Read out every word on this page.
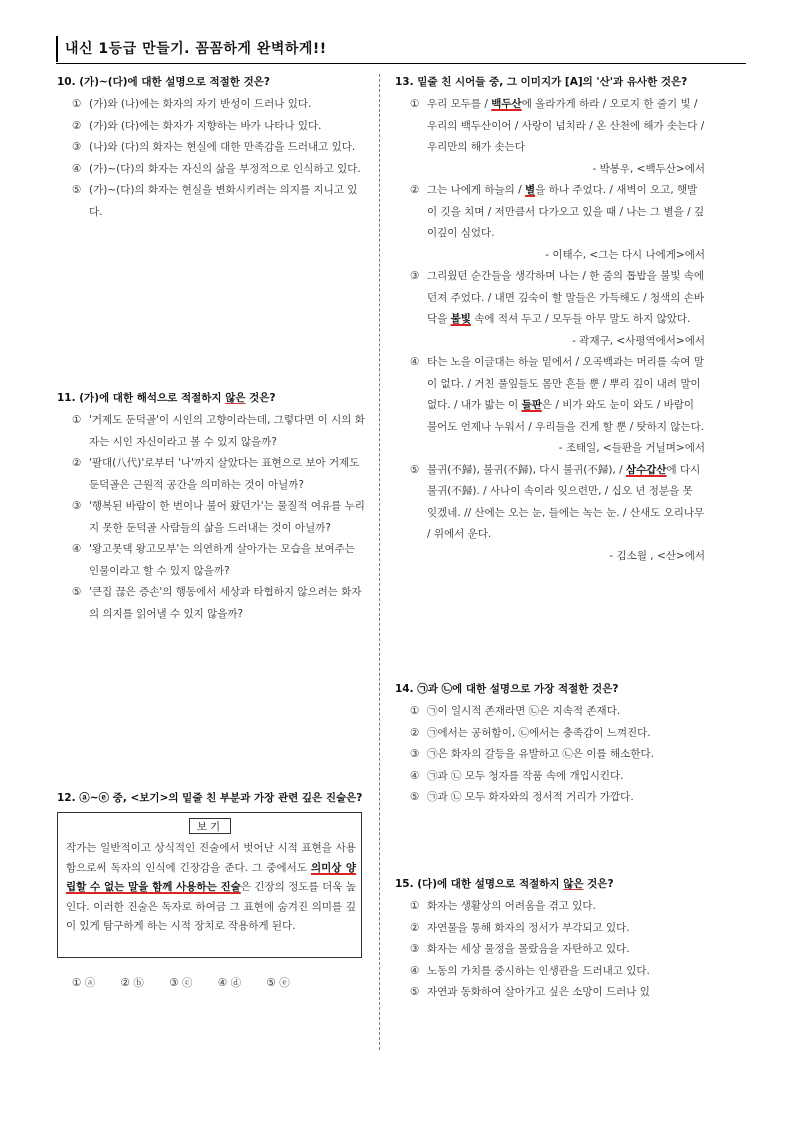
내신 1등급 만들기. 꼼꼼하게 완벽하게!!
10. (가)~(다)에 대한 설명으로 적절한 것은?
① (가)와 (나)에는 화자의 자기 반성이 드러나 있다.
② (가)와 (다)에는 화자가 지향하는 바가 나타나 있다.
③ (나)와 (다)의 화자는 현실에 대한 만족감을 드러내고 있다.
④ (가)~(다)의 화자는 자신의 삶을 부정적으로 인식하고 있다.
⑤ (가)~(다)의 화자는 현실을 변화시키려는 의지를 지니고 있다.
11. (가)에 대한 해석으로 적절하지 않은 것은?
① '거제도 둔덕골'이 시인의 고향이라는데, 그렇다면 이 시의 화자는 시인 자신이라고 볼 수 있지 않을까?
② '팔대(八代)'로부터 '나'까지 살았다는 표현으로 보아 거제도 둔덕골은 근원적 공간을 의미하는 것이 아닐까?
③ '행복된 바람이 한 번이나 불어 왔던가'는 물질적 여유를 누리지 못한 둔덕골 사람들의 삶을 드러내는 것이 아닐까?
④ '왕고못댁 왕고모부'는 의연하게 살아가는 모습을 보여주는 인물이라고 할 수 있지 않을까?
⑤ '큰집 끊은 증손'의 행동에서 세상과 타협하지 않으려는 화자의 의지를 읽어낼 수 있지 않을까?
12. ⓐ~ⓔ 중, <보기>의 밑줄 친 부분과 가장 관련 깊은 진술은?
보기
작가는 일반적이고 상식적인 진술에서 벗어난 시적 표현을 사용함으로써 독자의 인식에 긴장감을 준다. 그 중에서도 의미상 양립할 수 없는 말을 함께 사용하는 진술은 긴장의 정도를 더욱 높인다. 이러한 진술은 독자로 하여금 그 표현에 숨겨진 의미를 깊이 있게 탐구하게 하는 시적 장치로 작용하게 된다.
① ⓐ ② ⓑ ③ ⓒ ④ ⓓ ⑤ ⓔ
13. 밑줄 친 시어들 중, 그 이미지가 [A]의 '산'과 유사한 것은?
① 우리 모두를 / 백두산에 올라가게 하라 / 오로지 한 줄기 빛 / 우리의 백두산이어 / 사랑이 넘치라 / 온 산천에 해가 솟는다 / 우리만의 해가 솟는다
- 박봉우, <백두산>에서
② 그는 나에게 하늘의 / 별을 하나 주었다. / 새벽이 오고, 햇발이 깃을 치며 / 저만큼서 다가오고 있을 때 / 나는 그 별을 / 깊이깊이 심었다.
- 이태수, <그는 다시 나에게>에서
③ 그리웠던 순간들을 생각하며 나는 / 한 줌의 톱밥을 불빛 속에 던져 주었다. / 내면 깊숙이 할 말들은 가득해도 / 청색의 손바닥을 불빛 속에 적셔 두고 / 모두들 아무 말도 하지 않았다.
- 곽재구, <사평역에서>에서
④ 타는 노을 이글대는 하늘 밑에서 / 오곡백과는 머리를 숙여 말이 없다. / 거친 풀잎들도 몸만 흔들 뿐 / 뿌리 깊이 내려 말이 없다. / 내가 밟는 이 들판은 / 비가 와도 눈이 와도 / 바람이 불어도 언제나 누워서 / 우리들을 건게 할 뿐 / 탓하지 않는다.
- 조태일, <들판을 거닐며>에서
⑤ 불귀(不歸), 불귀(不歸), 다시 불귀(不歸), / 삼수갑산에 다시 불귀(不歸). / 사나이 속이라 잊으련만, / 십오 년 정분을 못 잊겠네. // 산에는 오는 눈, 들에는 녹는 눈. / 산새도 오리나무 / 위에서 운다.
- 김소월 , <산>에서
14. ㉠과 ㉡에 대한 설명으로 가장 적절한 것은?
① ㉠이 일시적 존재라면 ㉡은 지속적 존재다.
② ㉠에서는 공허함이, ㉡에서는 충족감이 느껴진다.
③ ㉠은 화자의 갈등을 유발하고 ㉡은 이를 해소한다.
④ ㉠과 ㉡ 모두 청자를 작품 속에 개입시킨다.
⑤ ㉠과 ㉡ 모두 화자와의 정서적 거리가 가깝다.
15. (다)에 대한 설명으로 적절하지 않은 것은?
① 화자는 생활상의 어려움을 겪고 있다.
② 자연물을 통해 화자의 정서가 부각되고 있다.
③ 화자는 세상 물정을 몰랐음을 자탄하고 있다.
④ 노동의 가치를 중시하는 인생관을 드러내고 있다.
⑤ 자연과 동화하여 살아가고 싶은 소망이 드러나 있
